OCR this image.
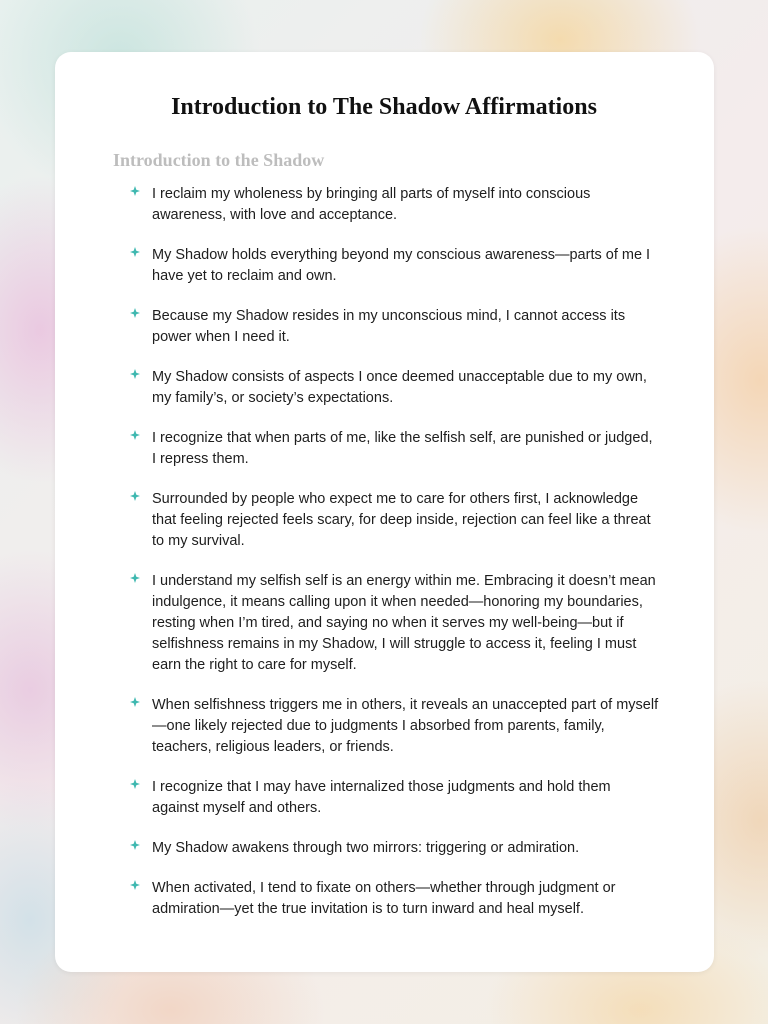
Introduction to The Shadow Affirmations
Introduction to the Shadow
I reclaim my wholeness by bringing all parts of myself into conscious awareness, with love and acceptance.
My Shadow holds everything beyond my conscious awareness—parts of me I have yet to reclaim and own.
Because my Shadow resides in my unconscious mind, I cannot access its power when I need it.
My Shadow consists of aspects I once deemed unacceptable due to my own, my family’s, or society’s expectations.
I recognize that when parts of me, like the selfish self, are punished or judged, I repress them.
Surrounded by people who expect me to care for others first, I acknowledge that feeling rejected feels scary, for deep inside, rejection can feel like a threat to my survival.
I understand my selfish self is an energy within me. Embracing it doesn’t mean indulgence, it means calling upon it when needed—honoring my boundaries, resting when I’m tired, and saying no when it serves my well-being—but if selfishness remains in my Shadow, I will struggle to access it, feeling I must earn the right to care for myself.
When selfishness triggers me in others, it reveals an unaccepted part of myself—one likely rejected due to judgments I absorbed from parents, family, teachers, religious leaders, or friends.
I recognize that I may have internalized those judgments and hold them against myself and others.
My Shadow awakens through two mirrors: triggering or admiration.
When activated, I tend to fixate on others—whether through judgment or admiration—yet the true invitation is to turn inward and heal myself.
